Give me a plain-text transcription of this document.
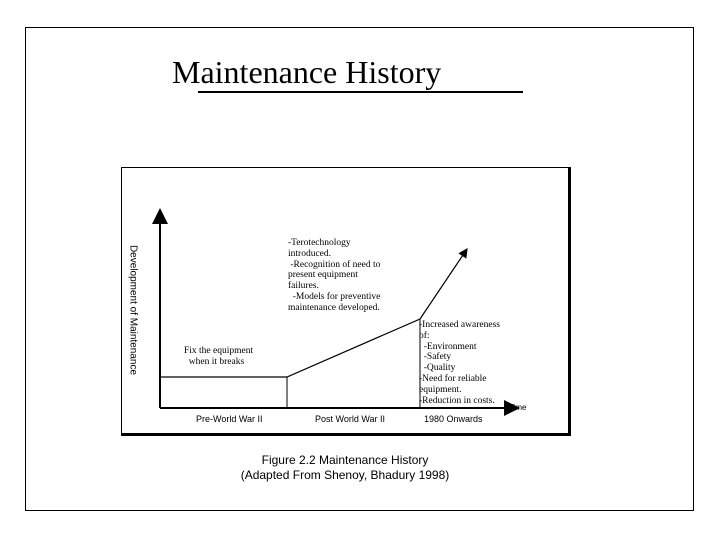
Maintenance History
Development of Maintenance	Fix the equipment
when it breaks
-Terotechnology
introduced.
-Recognition of need to
present equipment
failures.
-Models for preventive
maintenance developed.
-Increased awareness
of:
-Environment
-Safety
-Quality
-Need for reliable
equipment.
-Reduction in costs.
Pre-World War II	Post World War II	1980 Onwards
Time
Figure 2.2 Maintenance History
(Adapted From Shenoy, Bhadury 1998)
